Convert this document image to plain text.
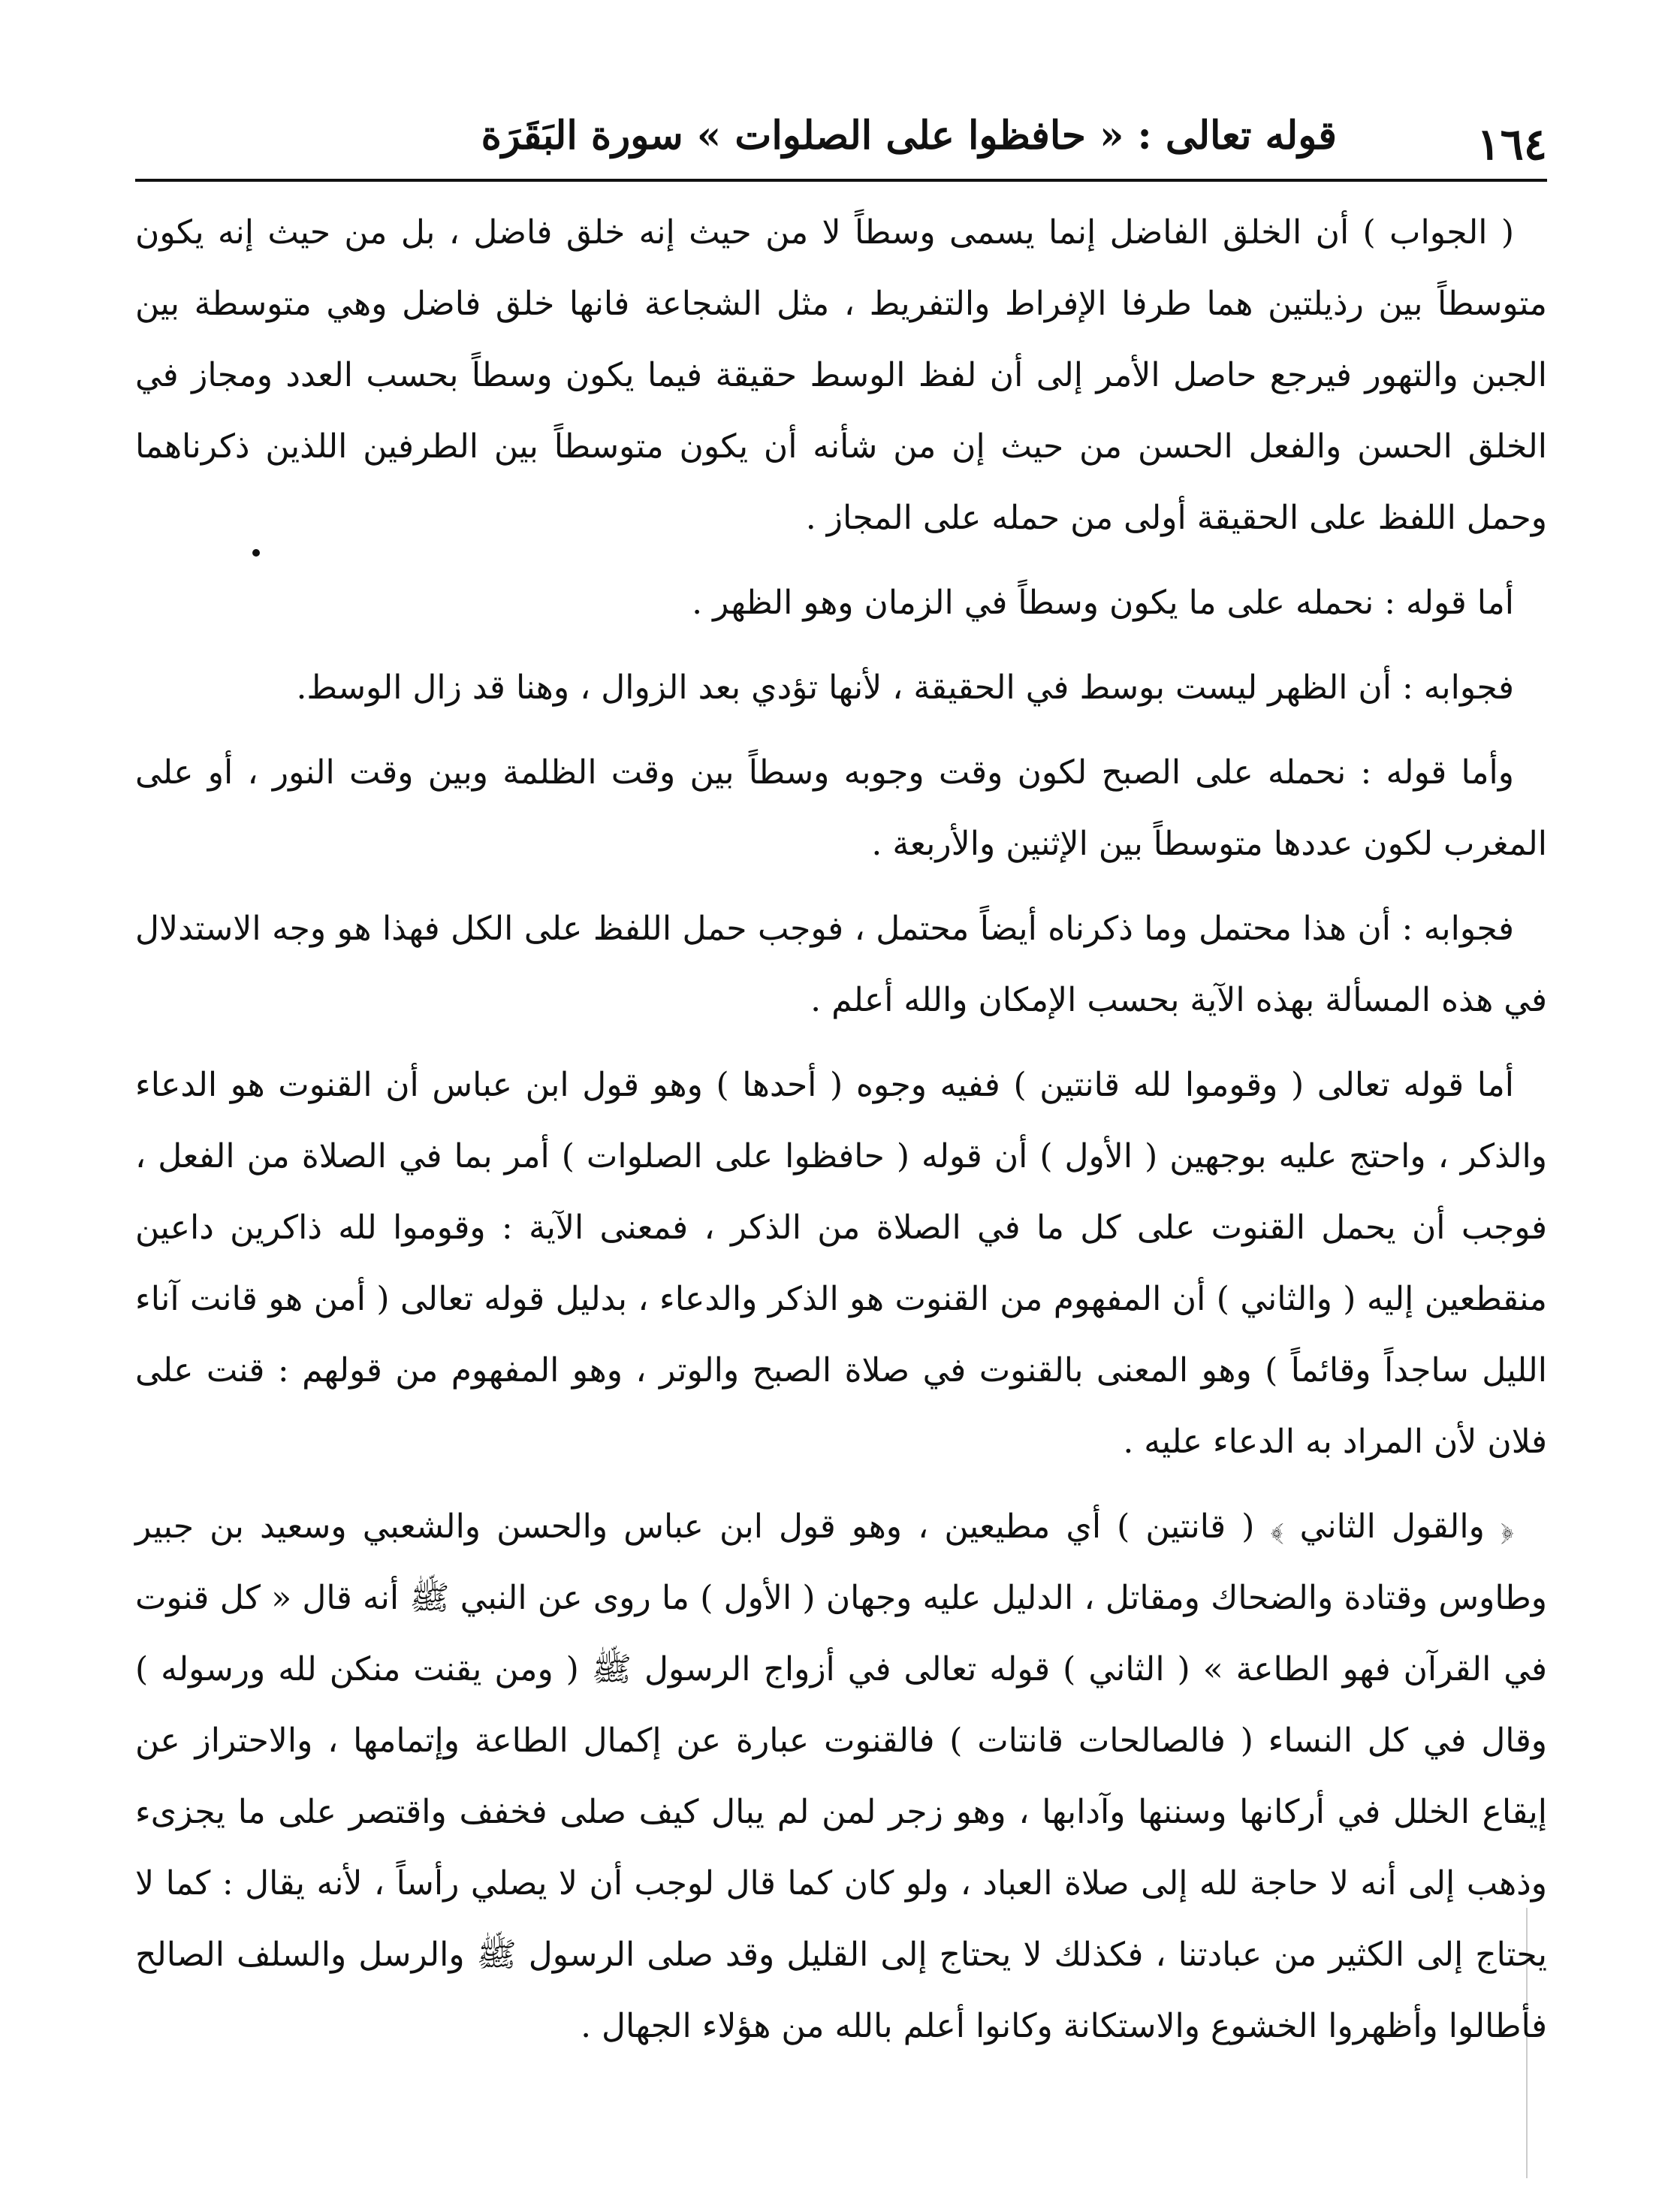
١٦٤
قوله تعالى : « حافظوا على الصلوات » سورة البَقَرَة

( الجواب ) أن الخلق الفاضل إنما يسمى وسطاً لا من حيث إنه خلق فاضل ، بل من حيث إنه يكون متوسطاً بين رذيلتين هما طرفا الإفراط والتفريط ، مثل الشجاعة فانها خلق فاضل وهي متوسطة بين الجبن والتهور فيرجع حاصل الأمر إلى أن لفظ الوسط حقيقة فيما يكون وسطاً بحسب العدد ومجاز في الخلق الحسن والفعل الحسن من حيث إن من شأنه أن يكون متوسطاً بين الطرفين اللذين ذكرناهما وحمل اللفظ على الحقيقة أولى من حمله على المجاز .

أما قوله : نحمله على ما يكون وسطاً في الزمان وهو الظهر .

فجوابه : أن الظهر ليست بوسط في الحقيقة ، لأنها تؤدي بعد الزوال ، وهنا قد زال الوسط.

وأما قوله : نحمله على الصبح لكون وقت وجوبه وسطاً بين وقت الظلمة وبين وقت النور ، أو على المغرب لكون عددها متوسطاً بين الإثنين والأربعة .

فجوابه : أن هذا محتمل وما ذكرناه أيضاً محتمل ، فوجب حمل اللفظ على الكل فهذا هو وجه الاستدلال في هذه المسألة بهذه الآية بحسب الإمكان والله أعلم .

أما قوله تعالى ( وقوموا لله قانتين ) ففيه وجوه ( أحدها ) وهو قول ابن عباس أن القنوت هو الدعاء والذكر ، واحتج عليه بوجهين ( الأول ) أن قوله ( حافظوا على الصلوات ) أمر بما في الصلاة من الفعل ، فوجب أن يحمل القنوت على كل ما في الصلاة من الذكر ، فمعنى الآية : وقوموا لله ذاكرين داعين منقطعين إليه ( والثاني ) أن المفهوم من القنوت هو الذكر والدعاء ، بدليل قوله تعالى ( أمن هو قانت آناء الليل ساجداً وقائماً ) وهو المعنى بالقنوت في صلاة الصبح والوتر ، وهو المفهوم من قولهم : قنت على فلان لأن المراد به الدعاء عليه .

﴿ والقول الثاني ﴾ ( قانتين ) أي مطيعين ، وهو قول ابن عباس والحسن والشعبي وسعيد بن جبير وطاوس وقتادة والضحاك ومقاتل ، الدليل عليه وجهان ( الأول ) ما روى عن النبي ﷺ أنه قال « كل قنوت في القرآن فهو الطاعة » ( الثاني ) قوله تعالى في أزواج الرسول ﷺ ( ومن يقنت منكن لله ورسوله ) وقال في كل النساء ( فالصالحات قانتات ) فالقنوت عبارة عن إكمال الطاعة وإتمامها ، والاحتراز عن إيقاع الخلل في أركانها وسننها وآدابها ، وهو زجر لمن لم يبال كيف صلى فخفف واقتصر على ما يجزىء وذهب إلى أنه لا حاجة لله إلى صلاة العباد ، ولو كان كما قال لوجب أن لا يصلي رأساً ، لأنه يقال : كما لا يحتاج إلى الكثير من عبادتنا ، فكذلك لا يحتاج إلى القليل وقد صلى الرسول ﷺ والرسل والسلف الصالح فأطالوا وأظهروا الخشوع والاستكانة وكانوا أعلم بالله من هؤلاء الجهال .
